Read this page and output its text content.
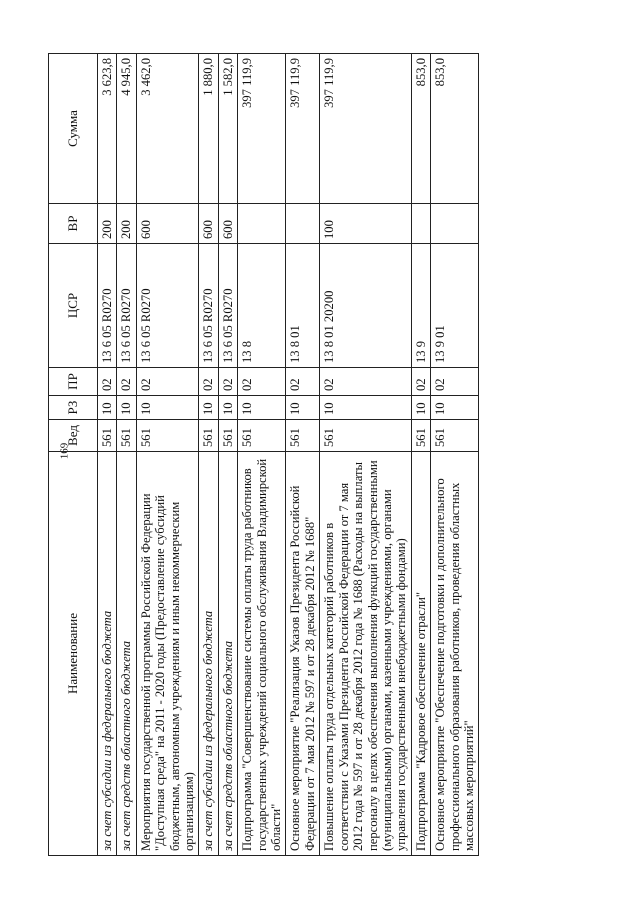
169
Наименование	Вед	РЗ	ПР	ЦСР	ВР	Сумма
за счет субсидии из федерального бюджета	561	10	02	13 6 05 R0270	200	3 623,8
за счет средств областного бюджета	561	10	02	13 6 05 R0270	200	4 945,0
Мероприятия государственной программы Российской Федерации "Доступная среда" на 2011 - 2020 годы (Предоставление субсидий бюджетным, автономным учреждениям и иным некоммерческим организациям)	561	10	02	13 6 05 R0270	600	3 462,0
за счет субсидии из федерального бюджета	561	10	02	13 6 05 R0270	600	1 880,0
за счет средств областного бюджета	561	10	02	13 6 05 R0270	600	1 582,0
Подпрограмма "Совершенствование системы оплаты труда работников государственных учреждений социального обслуживания Владимирской области"	561	10	02	13 8		397 119,9
Основное мероприятие "Реализация Указов Президента Российской Федерации от 7 мая 2012 № 597 и от 28 декабря 2012 № 1688"	561	10	02	13 8 01		397 119,9
Повышение оплаты труда отдельных категорий работников в соответствии с Указами Президента Российской Федерации от 7 мая 2012 года № 597 и от 28 декабря 2012 года № 1688 (Расходы на выплаты персоналу в целях обеспечения выполнения функций государственными (муниципальными) органами, казенными учреждениями, органами управления государственными внебюджетными фондами)	561	10	02	13 8 01 20200	100	397 119,9
Подпрограмма "Кадровое обеспечение отрасли"	561	10	02	13 9		853,0
Основное мероприятие "Обеспечение подготовки и дополнительного профессионального образования работников, проведения областных массовых мероприятий"	561	10	02	13 9 01		853,0
